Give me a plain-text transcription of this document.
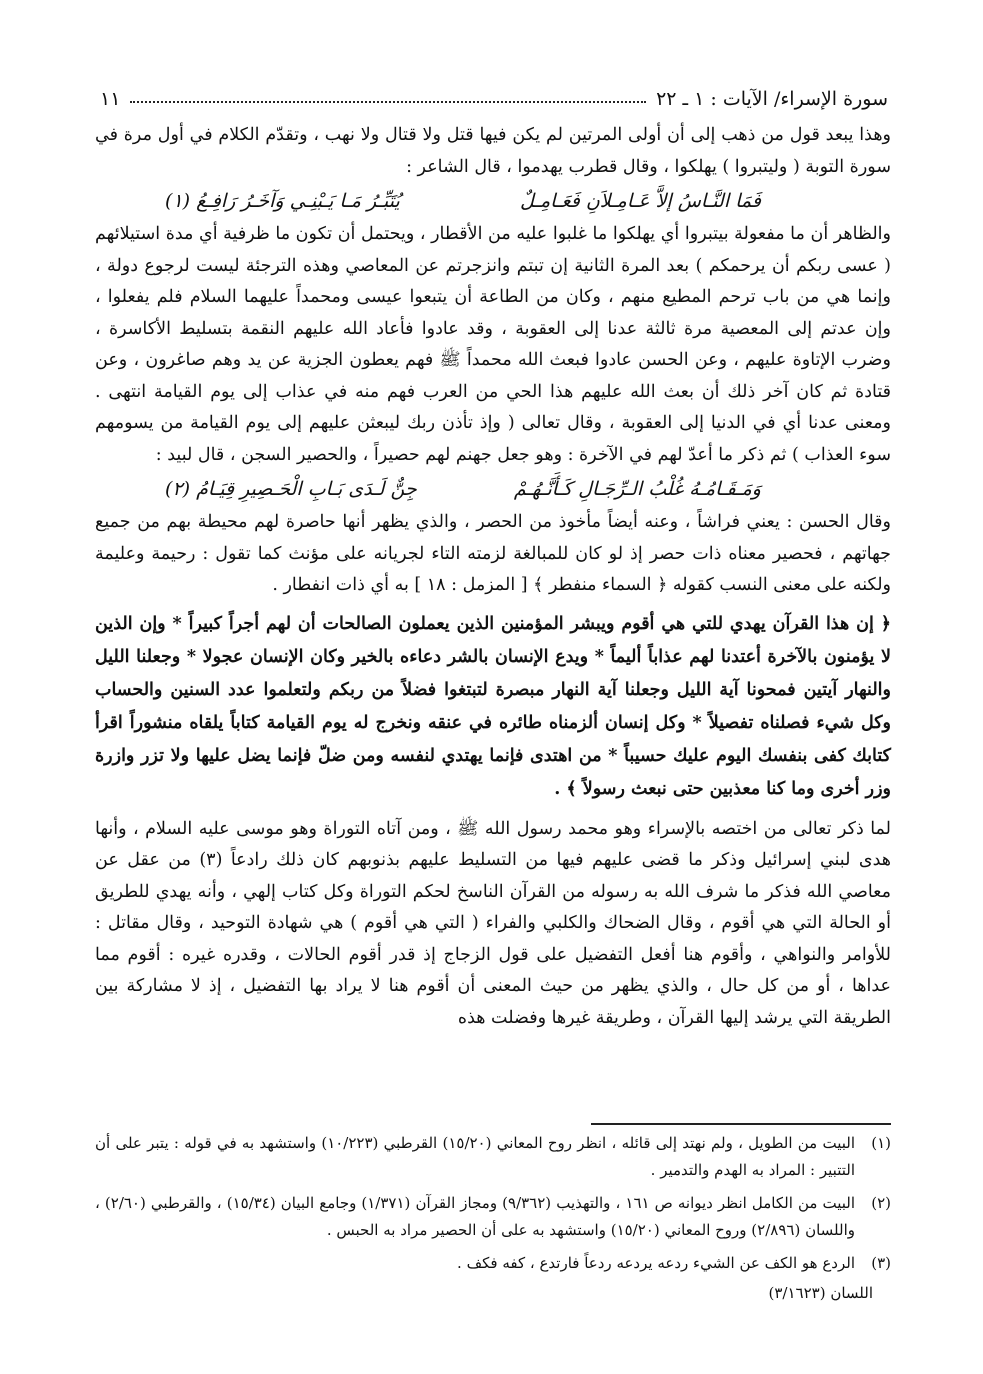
سورة الإسراء/ الآيات : ١ ـ ٢٢
١١

وهذا يبعد قول من ذهب إلى أن أولى المرتين لم يكن فيها قتل ولا قتال ولا نهب ، وتقدّم الكلام في أول مرة في سورة التوبة ( وليتبروا ) يهلكوا ، وقال قطرب يهدموا ، قال الشاعر :

فَمَا النَّـاسُ إلاَّ عَـامِـلاَنِ فَعَـامِـلٌ
يُتَبِّـرُ مَـا يَـبْنِـي وَآخَـرُ رَافِـعُ (١)

والظاهر أن ما مفعولة بيتبروا أي يهلكوا ما غلبوا عليه من الأقطار ، ويحتمل أن تكون ما ظرفية أي مدة استيلائهم ( عسى ربكم أن يرحمكم ) بعد المرة الثانية إن تبتم وانزجرتم عن المعاصي وهذه الترجئة ليست لرجوع دولة ، وإنما هي من باب ترحم المطيع منهم ، وكان من الطاعة أن يتبعوا عيسى ومحمداً عليهما السلام فلم يفعلوا ، وإن عدتم إلى المعصية مرة ثالثة عدنا إلى العقوبة ، وقد عادوا فأعاد الله عليهم النقمة بتسليط الأكاسرة ، وضرب الإتاوة عليهم ، وعن الحسن عادوا فبعث الله محمداً ﷺ فهم يعطون الجزية عن يد وهم صاغرون ، وعن قتادة ثم كان آخر ذلك أن بعث الله عليهم هذا الحي من العرب فهم منه في عذاب إلى يوم القيامة انتهى . ومعنى عدنا أي في الدنيا إلى العقوبة ، وقال تعالى ( وإذ تأذن ربك ليبعثن عليهم إلى يوم القيامة من يسومهم سوء العذاب ) ثم ذكر ما أعدّ لهم في الآخرة : وهو جعل جهنم لهم حصيراً ، والحصير السجن ، قال لبيد :

وَمَـقَـامُـهُ غُلْبُ الـرِّجَـالِ كَـأَنَّـهُـمْ
جِنٌّ لَـدَى بَـابِ الْحَـصِيرِ قِيَـامُ (٢)

وقال الحسن : يعني فراشاً ، وعنه أيضاً مأخوذ من الحصر ، والذي يظهر أنها حاصرة لهم محيطة بهم من جميع جهاتهم ، فحصير معناه ذات حصر إذ لو كان للمبالغة لزمته التاء لجريانه على مؤنث كما تقول : رحيمة وعليمة ولكنه على معنى النسب كقوله ﴿ السماء منفطر ﴾ [ المزمل : ١٨ ] به أي ذات انفطار .

﴿ إن هذا القرآن يهدي للتي هي أقوم ويبشر المؤمنين الذين يعملون الصالحات أن لهم أجراً كبيراً * وإن الذين لا يؤمنون بالآخرة أعتدنا لهم عذاباً أليماً * ويدع الإنسان بالشر دعاءه بالخير وكان الإنسان عجولا * وجعلنا الليل والنهار آيتين فمحونا آية الليل وجعلنا آية النهار مبصرة لتبتغوا فضلاً من ربكم ولتعلموا عدد السنين والحساب وكل شيء فصلناه تفصيلاً * وكل إنسان ألزمناه طائره في عنقه ونخرج له يوم القيامة كتاباً يلقاه منشوراً اقرأ كتابك كفى بنفسك اليوم عليك حسيباً * من اهتدى فإنما يهتدي لنفسه ومن ضلّ فإنما يضل عليها ولا تزر وازرة وزر أخرى وما كنا معذبين حتى نبعث رسولاً ﴾ .

لما ذكر تعالى من اختصه بالإسراء وهو محمد رسول الله ﷺ ، ومن آتاه التوراة وهو موسى عليه السلام ، وأنها هدى لبني إسرائيل وذكر ما قضى عليهم فيها من التسليط عليهم بذنوبهم كان ذلك رادعاً (٣) من عقل عن معاصي الله فذكر ما شرف الله به رسوله من القرآن الناسخ لحكم التوراة وكل كتاب إلهي ، وأنه يهدي للطريق أو الحالة التي هي أقوم ، وقال الضحاك والكلبي والفراء ( التي هي أقوم ) هي شهادة التوحيد ، وقال مقاتل : للأوامر والنواهي ، وأقوم هنا أفعل التفضيل على قول الزجاج إذ قدر أقوم الحالات ، وقدره غيره : أقوم مما عداها ، أو من كل حال ، والذي يظهر من حيث المعنى أن أقوم هنا لا يراد بها التفضيل ، إذ لا مشاركة بين الطريقة التي يرشد إليها القرآن ، وطريقة غيرها وفضلت هذه

(١)
البيت من الطويل ، ولم نهتد إلى قائله ، انظر روح المعاني (١٥/٢٠) القرطبي (١٠/٢٢٣) واستشهد به في قوله : يتبر على أن التتبير : المراد به الهدم والتدمير .
(٢)
البيت من الكامل انظر ديوانه ص ١٦١ ، والتهذيب (٩/٣٦٢) ومجاز القرآن (١/٣٧١) وجامع البيان (١٥/٣٤) ، والقرطبي (٢/٦٠) ، واللسان (٢/٨٩٦) وروح المعاني (١٥/٢٠) واستشهد به على أن الحصير مراد به الحبس .
(٣)
الردع هو الكف عن الشيء ردعه يردعه ردعاً فارتدع ، كفه فكف .
اللسان (٣/١٦٢٣)
